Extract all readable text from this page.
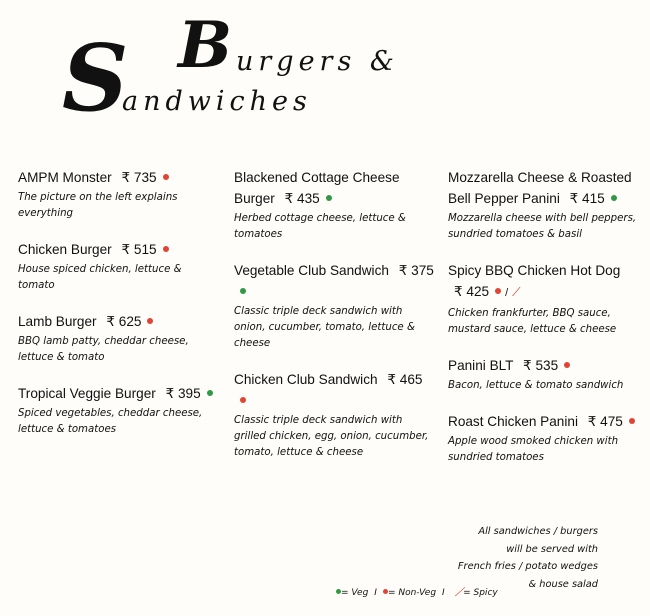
S B urgers &
andwiches
AMPM Monster ₹ 735
The picture on the left explains everything
Chicken Burger ₹ 515
House spiced chicken, lettuce & tomato
Lamb Burger ₹ 625
BBQ lamb patty, cheddar cheese, lettuce & tomato
Tropical Veggie Burger ₹ 395
Spiced vegetables, cheddar cheese, lettuce & tomatoes
Blackened Cottage Cheese Burger ₹ 435
Herbed cottage cheese, lettuce & tomatoes
Vegetable Club Sandwich ₹ 375
Classic triple deck sandwich with onion, cucumber, tomato, lettuce & cheese
Chicken Club Sandwich ₹ 465
Classic triple deck sandwich with grilled chicken, egg, onion, cucumber, tomato, lettuce & cheese
Mozzarella Cheese & Roasted Bell Pepper Panini ₹ 415
Mozzarella cheese with bell peppers, sundried tomatoes & basil
Spicy BBQ Chicken Hot Dog ₹ 425 / ⟋
Chicken frankfurter, BBQ sauce, mustard sauce, lettuce & cheese
Panini BLT ₹ 535
Bacon, lettuce & tomato sandwich
Roast Chicken Panini ₹ 475
Apple wood smoked chicken with sundried tomatoes
All sandwiches / burgers
will be served with
French fries / potato wedges
& house salad
= Veg I = Non-Veg I ⟋= Spicy
